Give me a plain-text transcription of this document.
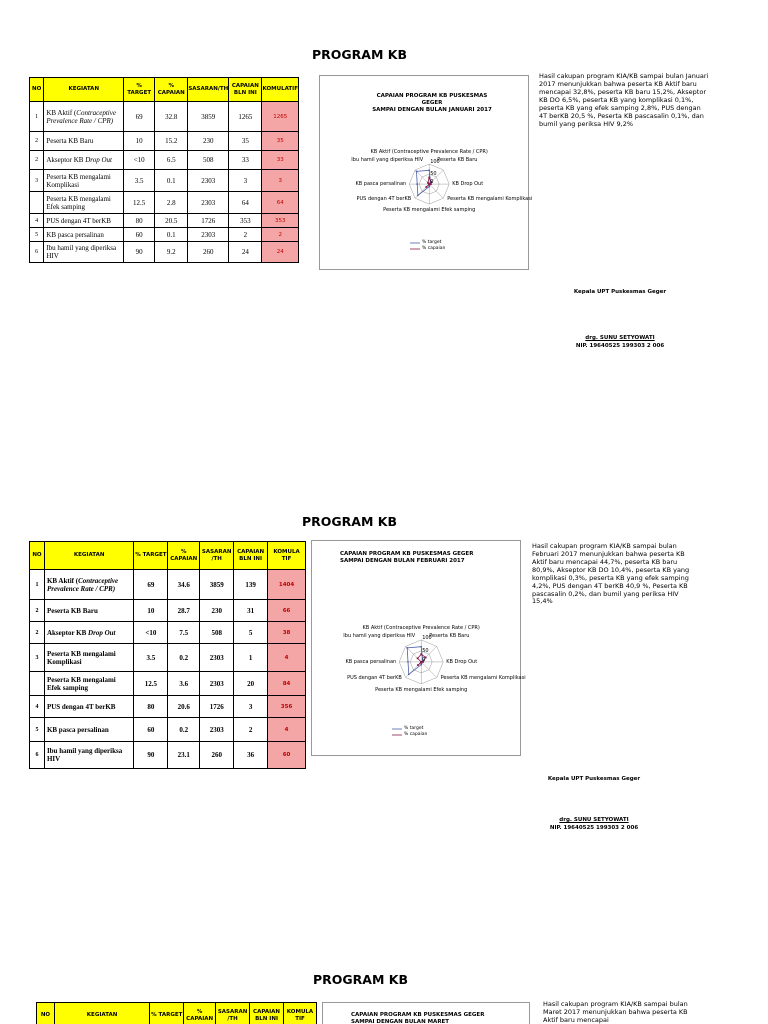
PROGRAM KB
NO	KEGIATAN	% TARGET	% CAPAIAN	SASARAN/TH	CAPAIAN BLN INI	KOMULATIF
1	KB Aktif (Contraceptive Prevalence Rate / CPR)	69	32.8	3859	1265	1265
2	Peserta KB Baru	10	15.2	230	35	35
2	Akseptor KB Drop Out	<10	6.5	508	33	33
3	Peserta KB mengalami Komplikasi	3.5	0.1	2303	3	3
	Peserta KB mengalami Efek samping	12.5	2.8	2303	64	64
4	PUS dengan 4T berKB	80	20.5	1726	353	353
5	KB pasca persalinan	60	0.1	2303	2	2
6	Ibu hamil yang diperiksa HIV	90	9.2	260	24	24
CAPAIAN PROGRAM KB PUSKESMAS GEGER
SAMPAI DENGAN BULAN JANUARI 2017
KB Aktif (Contraceptive Prevalence Rate / CPR)
Ibu hamil yang diperiksa HIV	Peserta KB Baru
100
50
0
KB pasca persalinan	KB Drop Out
PUS dengan 4T berKB	Peserta KB mengalami Komplikasi
Peserta KB mengalami Efek samping
% target
% capaian
Hasil cakupan program KIA/KB sampai bulan Januari 2017 menunjukkan bahwa peserta KB Aktif baru mencapai 32,8%, peserta KB baru 15,2%, Akseptor KB DO 6,5%, peserta KB yang komplikasi 0,1%, peserta KB yang efek samping 2,8%, PUS dengan 4T berKB 20,5 %, Peserta KB pascasalin 0,1%, dan bumil yang periksa HIV 9,2%
Kepala UPT Puskesmas Geger
drg. SUNU SETYOWATI
NIP. 19640525 199303 2 006
PROGRAM KB
NO	KEGIATAN	% TARGET	% CAPAIAN	SASARAN /TH	CAPAIAN BLN INI	KOMULA TIF
1	KB Aktif (Contraceptive Prevalence Rate / CPR)	69	34.6	3859	139	1404
2	Peserta KB Baru	10	28.7	230	31	66
2	Akseptor KB Drop Out	<10	7.5	508	5	38
3	Peserta KB mengalami Komplikasi	3.5	0.2	2303	1	4
	Peserta KB mengalami Efek samping	12.5	3.6	2303	20	84
4	PUS dengan 4T berKB	80	20.6	1726	3	356
5	KB pasca persalinan	60	0.2	2303	2	4
6	Ibu hamil yang diperiksa HIV	90	23.1	260	36	60
CAPAIAN PROGRAM KB PUSKESMAS GEGER
SAMPAI DENGAN BULAN FEBRUARI 2017
KB Aktif (Contraceptive Prevalence Rate / CPR)
Ibu hamil yang diperiksa HIV	Peserta KB Baru
100
50
0
KB pasca persalinan	KB Drop Out
PUS dengan 4T berKB	Peserta KB mengalami Komplikasi
Peserta KB mengalami Efek samping
% target
% capaian
Hasil cakupan program KIA/KB sampai bulan Februari 2017 menunjukkan bahwa peserta KB Aktif baru mencapai 44,7%, peserta KB baru 80,9%, Akseptor KB DO 10,4%, peserta KB yang komplikasi 0,3%, peserta KB yang efek samping 4,2%, PUS dengan 4T berKB 40,9 %, Peserta KB pascasalin 0,2%, dan bumil yang periksa HIV 15,4%
Kepala UPT Puskesmas Geger
drg. SUNU SETYOWATI
NIP. 19640525 199303 2 006
PROGRAM KB
NO	KEGIATAN	% TARGET	% CAPAIAN	SASARAN /TH	CAPAIAN BLN INI	KOMULA TIF
CAPAIAN PROGRAM KB PUSKESMAS GEGER
SAMPAI DENGAN BULAN MARET
Hasil cakupan program KIA/KB sampai bulan Maret 2017 menunjukkan bahwa peserta KB Aktif baru mencapai
